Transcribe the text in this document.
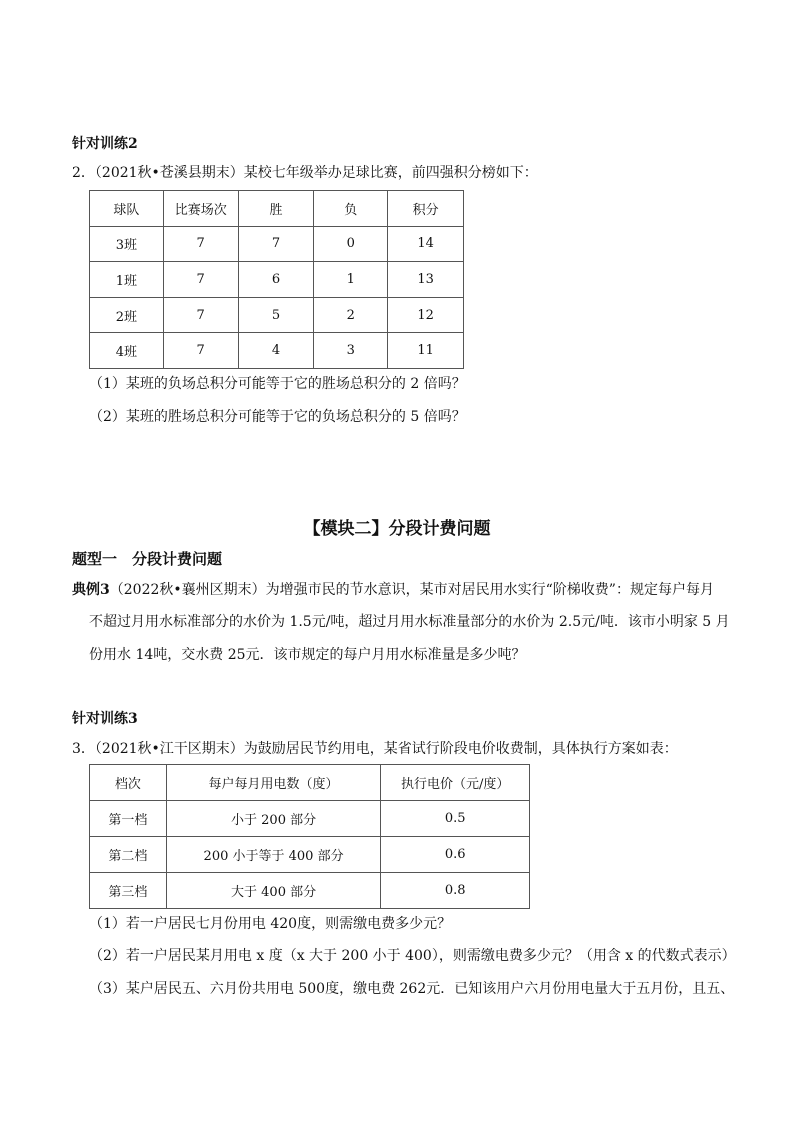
针对训练2
2．（2021秋•苍溪县期末）某校七年级举办足球比赛，前四强积分榜如下：
球队	比赛场次	胜	负	积分
3班	7	7	0	14
1班	7	6	1	13
2班	7	5	2	12
4班	7	4	3	11
（1）某班的负场总积分可能等于它的胜场总积分的 2 倍吗？
（2）某班的胜场总积分可能等于它的负场总积分的 5 倍吗？
【模块二】分段计费问题
题型一　分段计费问题
典例3（2022秋•襄州区期末）为增强市民的节水意识，某市对居民用水实行“阶梯收费”：规定每户每月
不超过月用水标准部分的水价为 1.5元/吨，超过月用水标准量部分的水价为 2.5元/吨．该市小明家 5 月
份用水 14吨，交水费 25元．该市规定的每户月用水标准量是多少吨？
针对训练3
3．（2021秋•江干区期末）为鼓励居民节约用电，某省试行阶段电价收费制，具体执行方案如表：
档次	每户每月用电数（度）	执行电价（元/度）
第一档	小于 200 部分	0.5
第二档	200 小于等于 400 部分	0.6
第三档	大于 400 部分	0.8
（1）若一户居民七月份用电 420度，则需缴电费多少元？
（2）若一户居民某月用电 x 度（x 大于 200 小于 400），则需缴电费多少元？（用含 x 的代数式表示）
（3）某户居民五、六月份共用电 500度，缴电费 262元．已知该用户六月份用电量大于五月份，且五、
